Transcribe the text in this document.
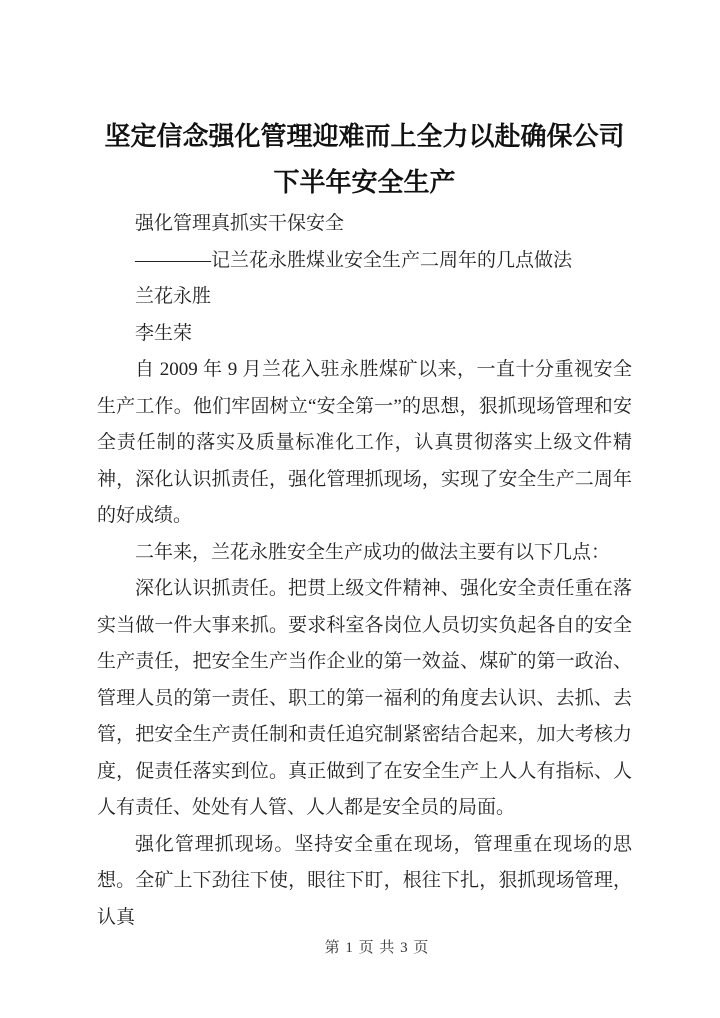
坚定信念强化管理迎难而上全力以赴确保公司下半年安全生产

强化管理真抓实干保安全

————记兰花永胜煤业安全生产二周年的几点做法

兰花永胜

李生荣

自 2009 年 9 月兰花入驻永胜煤矿以来，一直十分重视安全生产工作。他们牢固树立“安全第一”的思想，狠抓现场管理和安全责任制的落实及质量标准化工作，认真贯彻落实上级文件精神，深化认识抓责任，强化管理抓现场，实现了安全生产二周年的好成绩。

二年来，兰花永胜安全生产成功的做法主要有以下几点：

深化认识抓责任。把贯上级文件精神、强化安全责任重在落实当做一件大事来抓。要求科室各岗位人员切实负起各自的安全生产责任，把安全生产当作企业的第一效益、煤矿的第一政治、管理人员的第一责任、职工的第一福利的角度去认识、去抓、去管，把安全生产责任制和责任追究制紧密结合起来，加大考核力度，促责任落实到位。真正做到了在安全生产上人人有指标、人人有责任、处处有人管、人人都是安全员的局面。

强化管理抓现场。坚持安全重在现场，管理重在现场的思想。全矿上下劲往下使，眼往下盯，根往下扎，狠抓现场管理，认真

第 1 页 共 3 页
